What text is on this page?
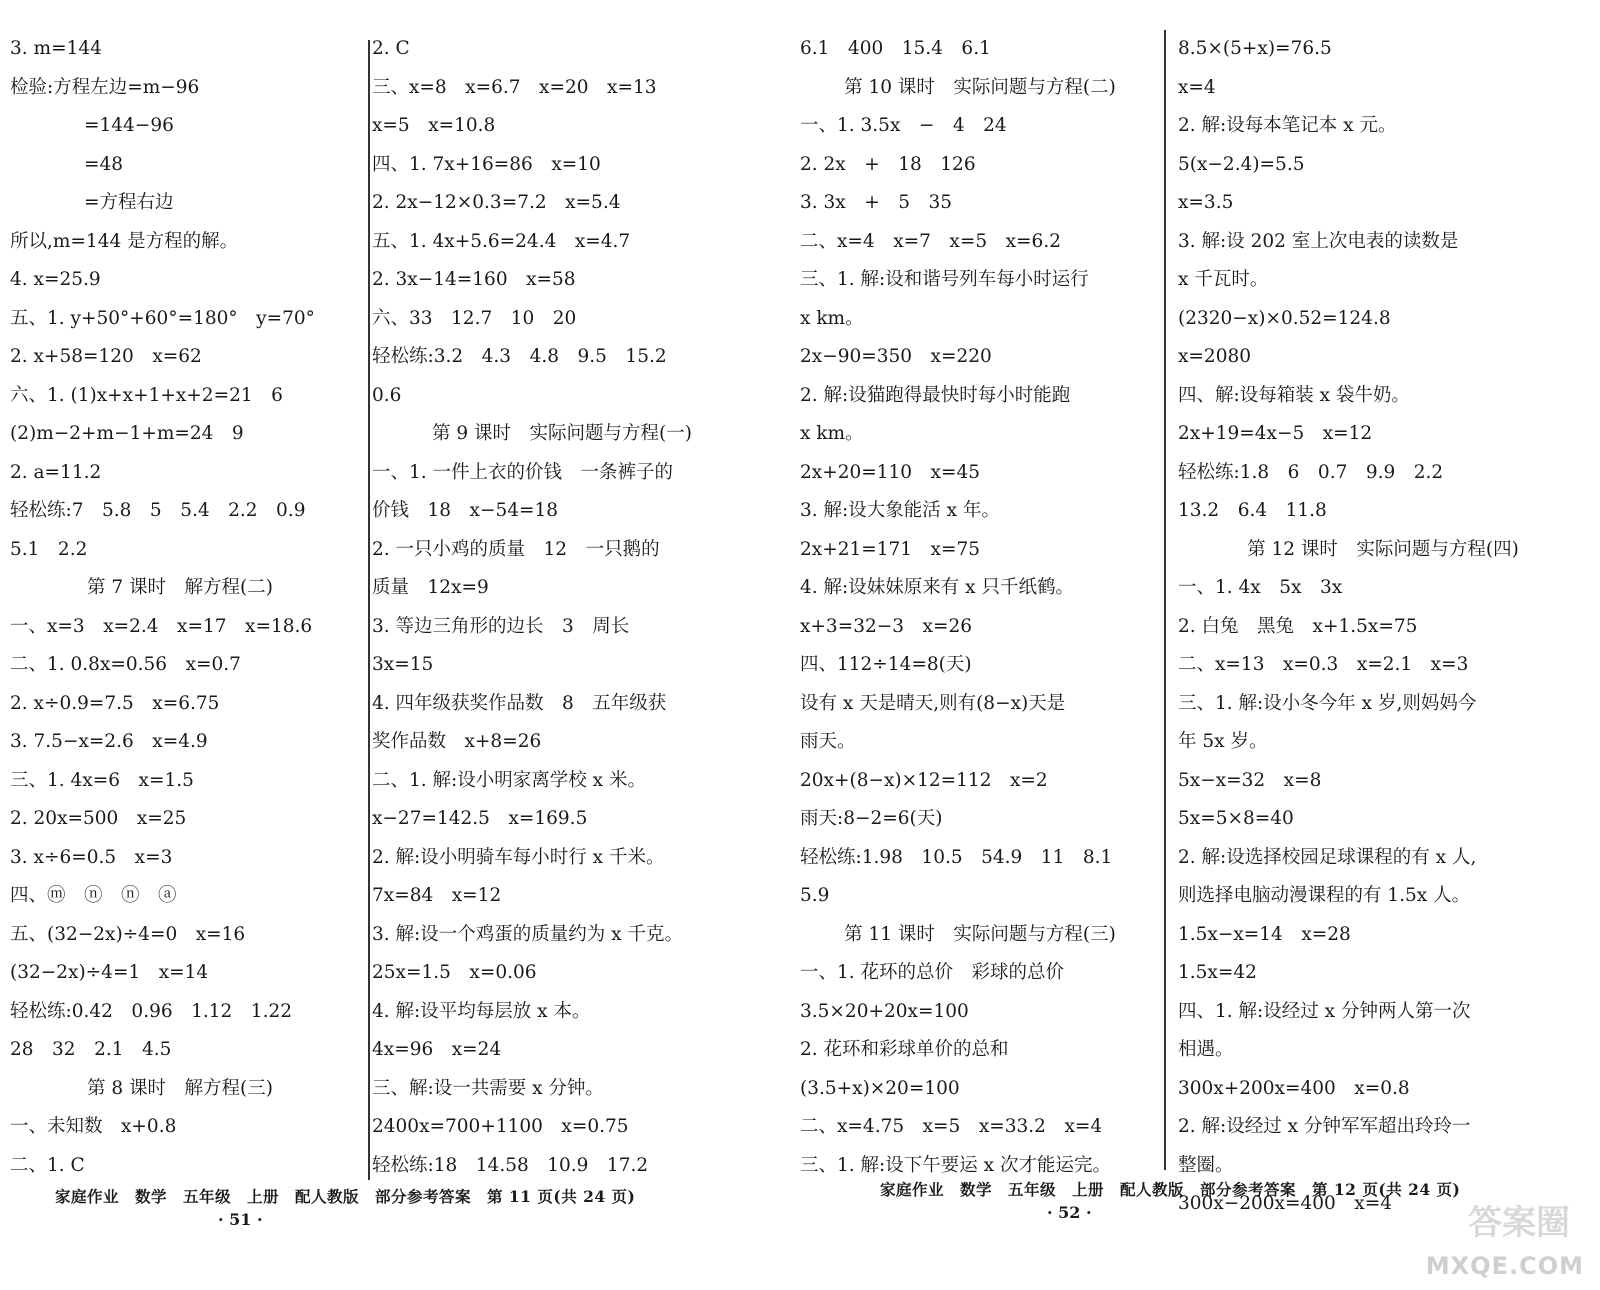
3. m=144
检验:方程左边=m−96
　　　　=144−96
　　　　=48
　　　　=方程右边
所以,m=144 是方程的解。
4. x=25.9
五、1. y+50°+60°=180°　y=70°
2. x+58=120　x=62
六、1. (1)x+x+1+x+2=21　6
(2)m−2+m−1+m=24　9
2. a=11.2
轻松练:7　5.8　5　5.4　2.2　0.9
5.1　2.2
第 7 课时　解方程(二)
一、x=3　x=2.4　x=17　x=18.6
二、1. 0.8x=0.56　x=0.7
2. x÷0.9=7.5　x=6.75
3. 7.5−x=2.6　x=4.9
三、1. 4x=6　x=1.5
2. 20x=500　x=25
3. x÷6=0.5　x=3
四、ⓜ　ⓝ　ⓝ　ⓐ
五、(32−2x)÷4=0　x=16
(32−2x)÷4=1　x=14
轻松练:0.42　0.96　1.12　1.22
28　32　2.1　4.5
第 8 课时　解方程(三)
一、未知数　x+0.8
二、1. C
2. C
三、x=8　x=6.7　x=20　x=13
x=5　x=10.8
四、1. 7x+16=86　x=10
2. 2x−12×0.3=7.2　x=5.4
五、1. 4x+5.6=24.4　x=4.7
2. 3x−14=160　x=58
六、33　12.7　10　20
轻松练:3.2　4.3　4.8　9.5　15.2
0.6
第 9 课时　实际问题与方程(一)
一、1. 一件上衣的价钱　一条裤子的
价钱　18　x−54=18
2. 一只小鸡的质量　12　一只鹅的
质量　12x=9
3. 等边三角形的边长　3　周长
3x=15
4. 四年级获奖作品数　8　五年级获
奖作品数　x+8=26
二、1. 解:设小明家离学校 x 米。
x−27=142.5　x=169.5
2. 解:设小明骑车每小时行 x 千米。
7x=84　x=12
3. 解:设一个鸡蛋的质量约为 x 千克。
25x=1.5　x=0.06
4. 解:设平均每层放 x 本。
4x=96　x=24
三、解:设一共需要 x 分钟。
2400x=700+1100　x=0.75
轻松练:18　14.58　10.9　17.2
6.1　400　15.4　6.1
第 10 课时　实际问题与方程(二)
一、1. 3.5x　−　4　24
2. 2x　+　18　126
3. 3x　+　5　35
二、x=4　x=7　x=5　x=6.2
三、1. 解:设和谐号列车每小时运行
x km。
2x−90=350　x=220
2. 解:设猫跑得最快时每小时能跑
x km。
2x+20=110　x=45
3. 解:设大象能活 x 年。
2x+21=171　x=75
4. 解:设妹妹原来有 x 只千纸鹤。
x+3=32−3　x=26
四、112÷14=8(天)
设有 x 天是晴天,则有(8−x)天是
雨天。
20x+(8−x)×12=112　x=2
雨天:8−2=6(天)
轻松练:1.98　10.5　54.9　11　8.1
5.9
第 11 课时　实际问题与方程(三)
一、1. 花环的总价　彩球的总价
3.5×20+20x=100
2. 花环和彩球单价的总和
(3.5+x)×20=100
二、x=4.75　x=5　x=33.2　x=4
三、1. 解:设下午要运 x 次才能运完。
8.5×(5+x)=76.5
x=4
2. 解:设每本笔记本 x 元。
5(x−2.4)=5.5
x=3.5
3. 解:设 202 室上次电表的读数是
x 千瓦时。
(2320−x)×0.52=124.8
x=2080
四、解:设每箱装 x 袋牛奶。
2x+19=4x−5　x=12
轻松练:1.8　6　0.7　9.9　2.2
13.2　6.4　11.8
第 12 课时　实际问题与方程(四)
一、1. 4x　5x　3x
2. 白兔　黑兔　x+1.5x=75
二、x=13　x=0.3　x=2.1　x=3
三、1. 解:设小冬今年 x 岁,则妈妈今
年 5x 岁。
5x−x=32　x=8
5x=5×8=40
2. 解:设选择校园足球课程的有 x 人,
则选择电脑动漫课程的有 1.5x 人。
1.5x−x=14　x=28
1.5x=42
四、1. 解:设经过 x 分钟两人第一次
相遇。
300x+200x=400　x=0.8
2. 解:设经过 x 分钟军军超出玲玲一
整圈。
300x−200x=400　x=4
家庭作业　数学　五年级　上册　配人教版　部分参考答案　第 11 页(共 24 页)
· 51 ·
家庭作业　数学　五年级　上册　配人教版　部分参考答案　第 12 页(共 24 页)
· 52 ·	答案圈
MXQE.COM
